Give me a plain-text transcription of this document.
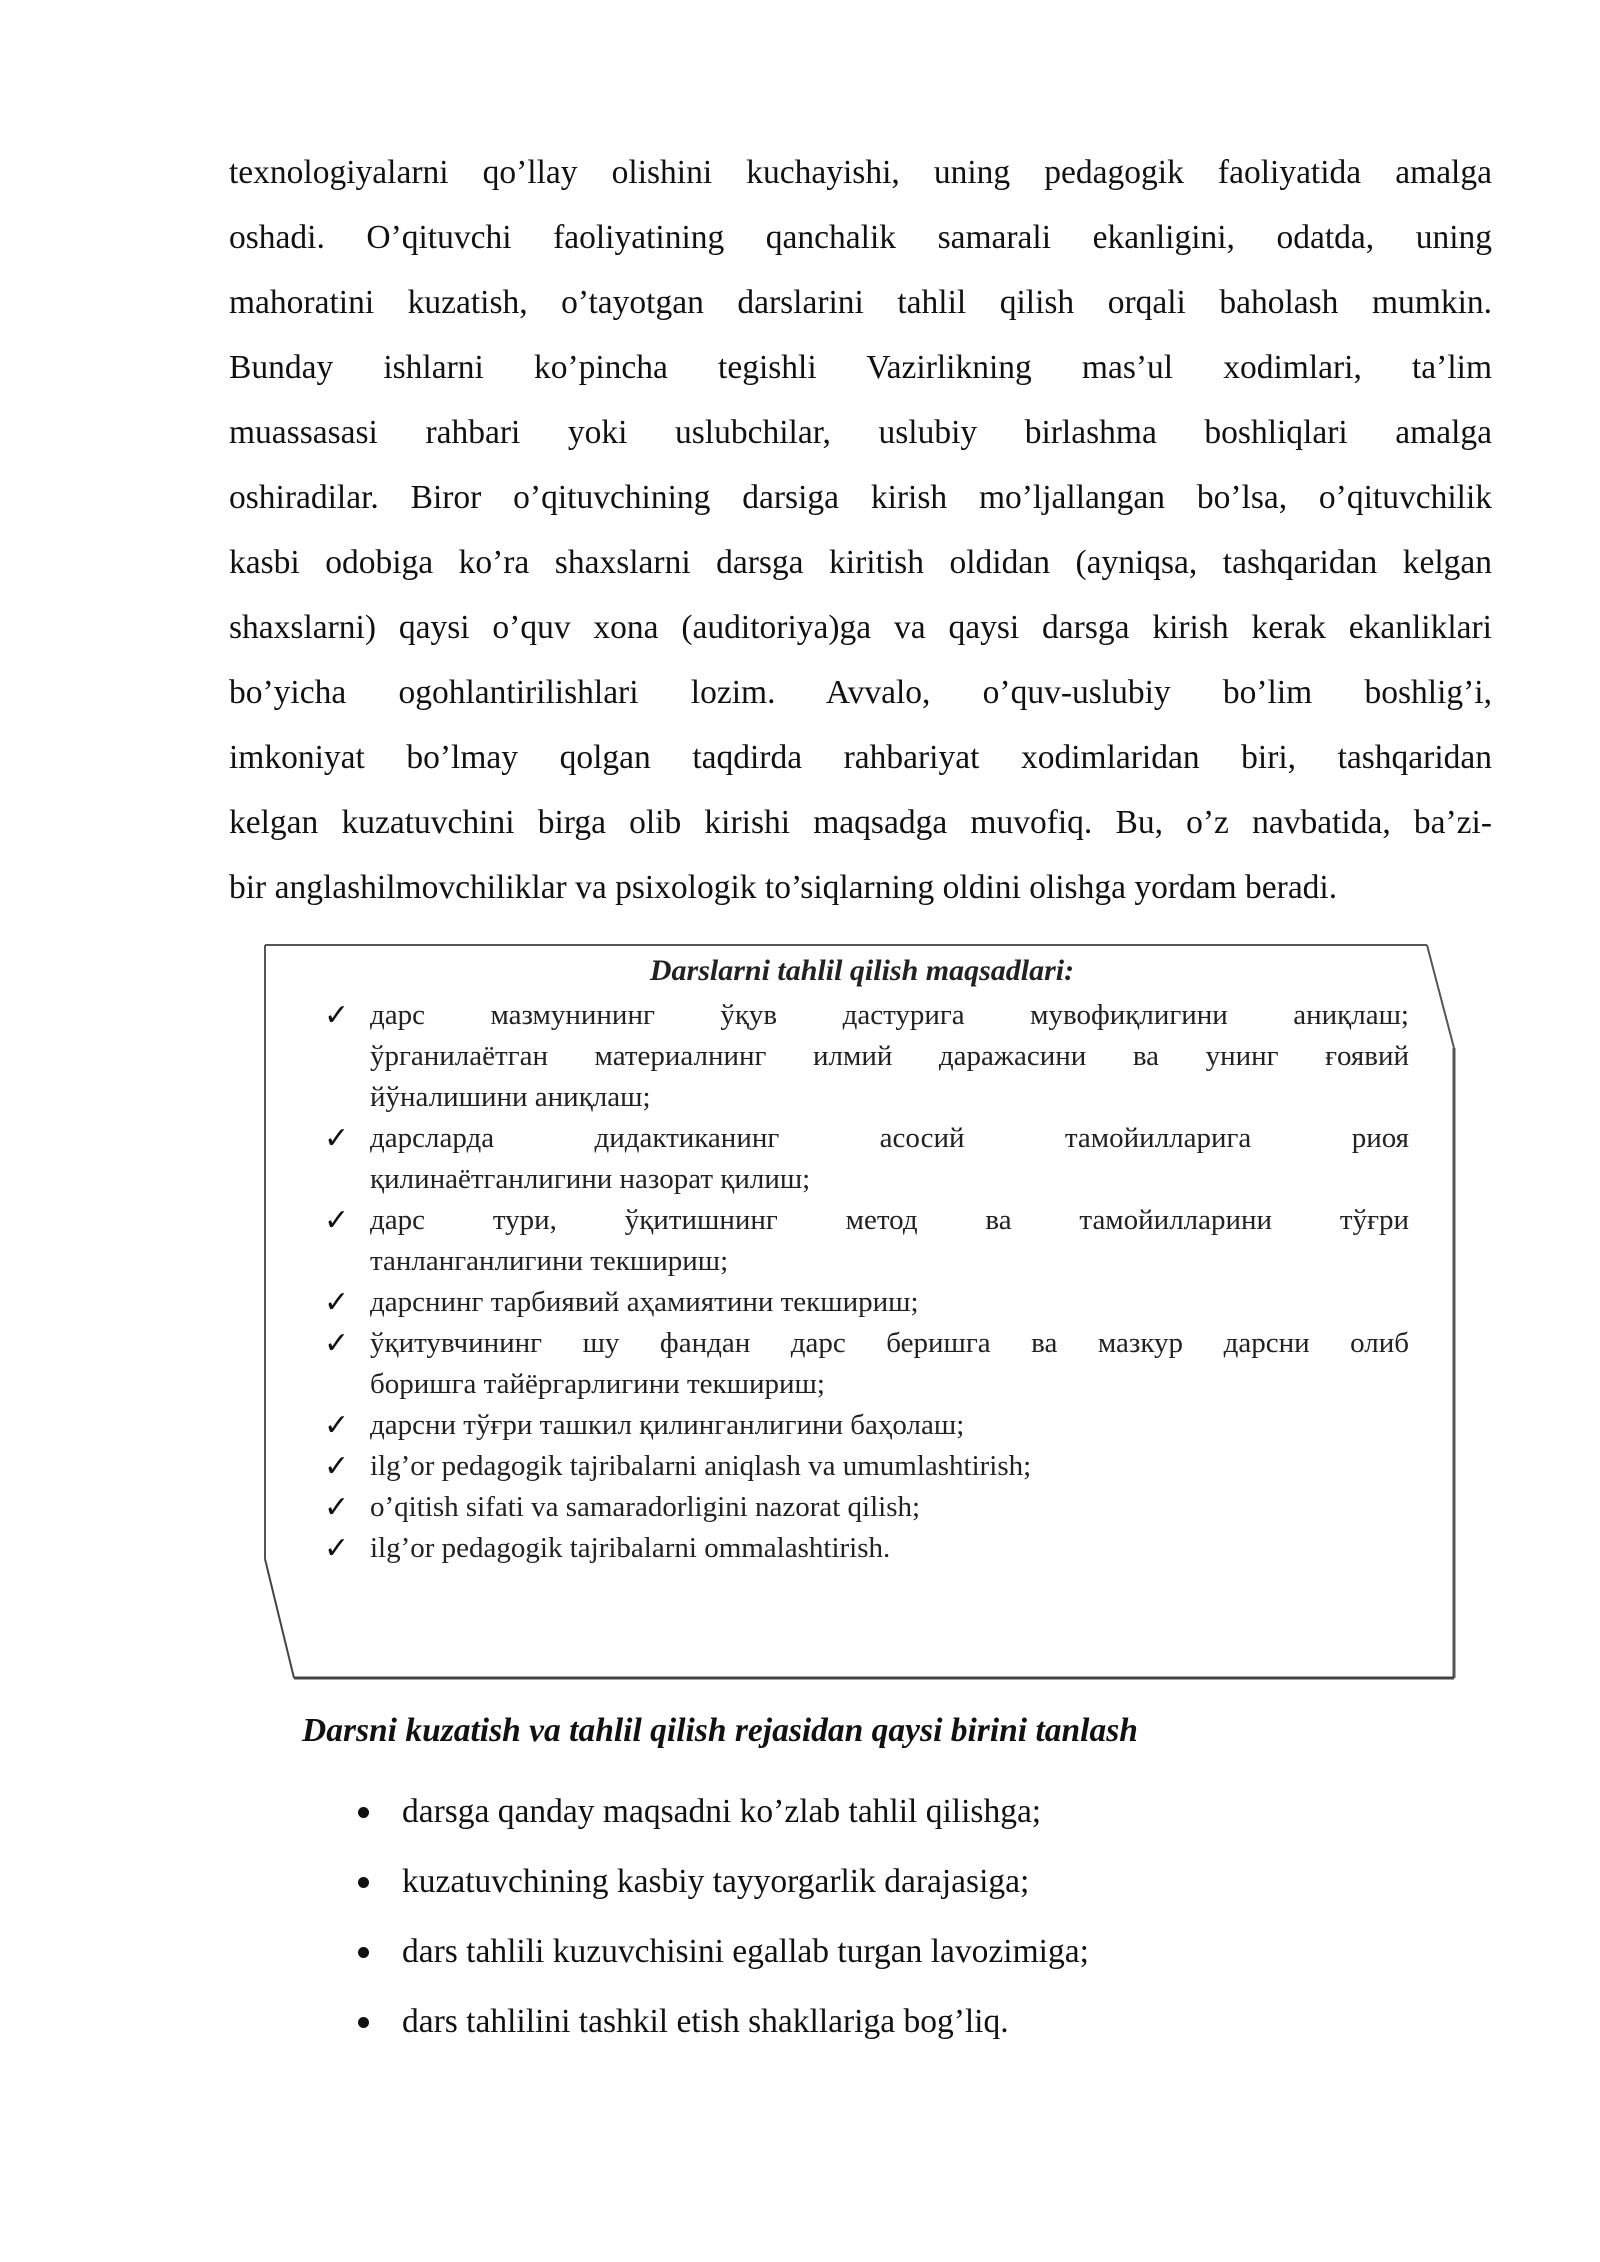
texnologiyalarni qo’llay olishini kuchayishi, uning pedagogik faoliyatida amalga
oshadi. O’qituvchi faoliyatining qanchalik samarali ekanligini, odatda, uning
mahoratini kuzatish, o’tayotgan darslarini tahlil qilish orqali baholash mumkin.
Bunday ishlarni ko’pincha tegishli Vazirlikning mas’ul xodimlari, ta’lim
muassasasi rahbari yoki uslubchilar, uslubiy birlashma boshliqlari amalga
oshiradilar. Biror o’qituvchining darsiga kirish mo’ljallangan bo’lsa, o’qituvchilik
kasbi odobiga ko’ra shaxslarni darsga kiritish oldidan (ayniqsa, tashqaridan kelgan
shaxslarni) qaysi o’quv xona (auditoriya)ga va qaysi darsga kirish kerak ekanliklari
bo’yicha ogohlantirilishlari lozim. Avvalo, o’quv-uslubiy bo’lim boshlig’i,
imkoniyat bo’lmay qolgan taqdirda rahbariyat xodimlaridan biri, tashqaridan
kelgan kuzatuvchini birga olib kirishi maqsadga muvofiq. Bu, o’z navbatida, ba’zi-
bir anglashilmovchiliklar va psixologik to’siqlarning oldini olishga yordam beradi.

Darslarni tahlil qilish maqsadlari:
✓ дарс мазмунининг ўқув дастурига мувофиқлигини аниқлаш;
ўрганилаётган материалнинг илмий даражасини ва унинг ғоявий
йўналишини аниқлаш;
✓ дарсларда дидактиканинг асосий тамойилларига риоя
қилинаётганлигини назорат қилиш;
✓ дарс тури, ўқитишнинг метод ва тамойилларини тўғри
танланганлигини текшириш;
✓ дарснинг тарбиявий аҳамиятини текшириш;
✓ ўқитувчининг шу фандан дарс беришга ва мазкур дарсни олиб
боришга тайёргарлигини текшириш;
✓ дарсни тўғри ташкил қилинганлигини баҳолаш;
✓ ilg’or pedagogik tajribalarni aniqlash va umumlashtirish;
✓ o’qitish sifati va samaradorligini nazorat qilish;
✓ ilg’or pedagogik tajribalarni ommalashtirish.
Darsni kuzatish va tahlil qilish rejasidan qaysi birini tanlash
darsga qanday maqsadni ko’zlab tahlil qilishga;
kuzatuvchining kasbiy tayyorgarlik darajasiga;
dars tahlili kuzuvchisini egallab turgan lavozimiga;
dars tahlilini tashkil etish shakllariga bog’liq.
